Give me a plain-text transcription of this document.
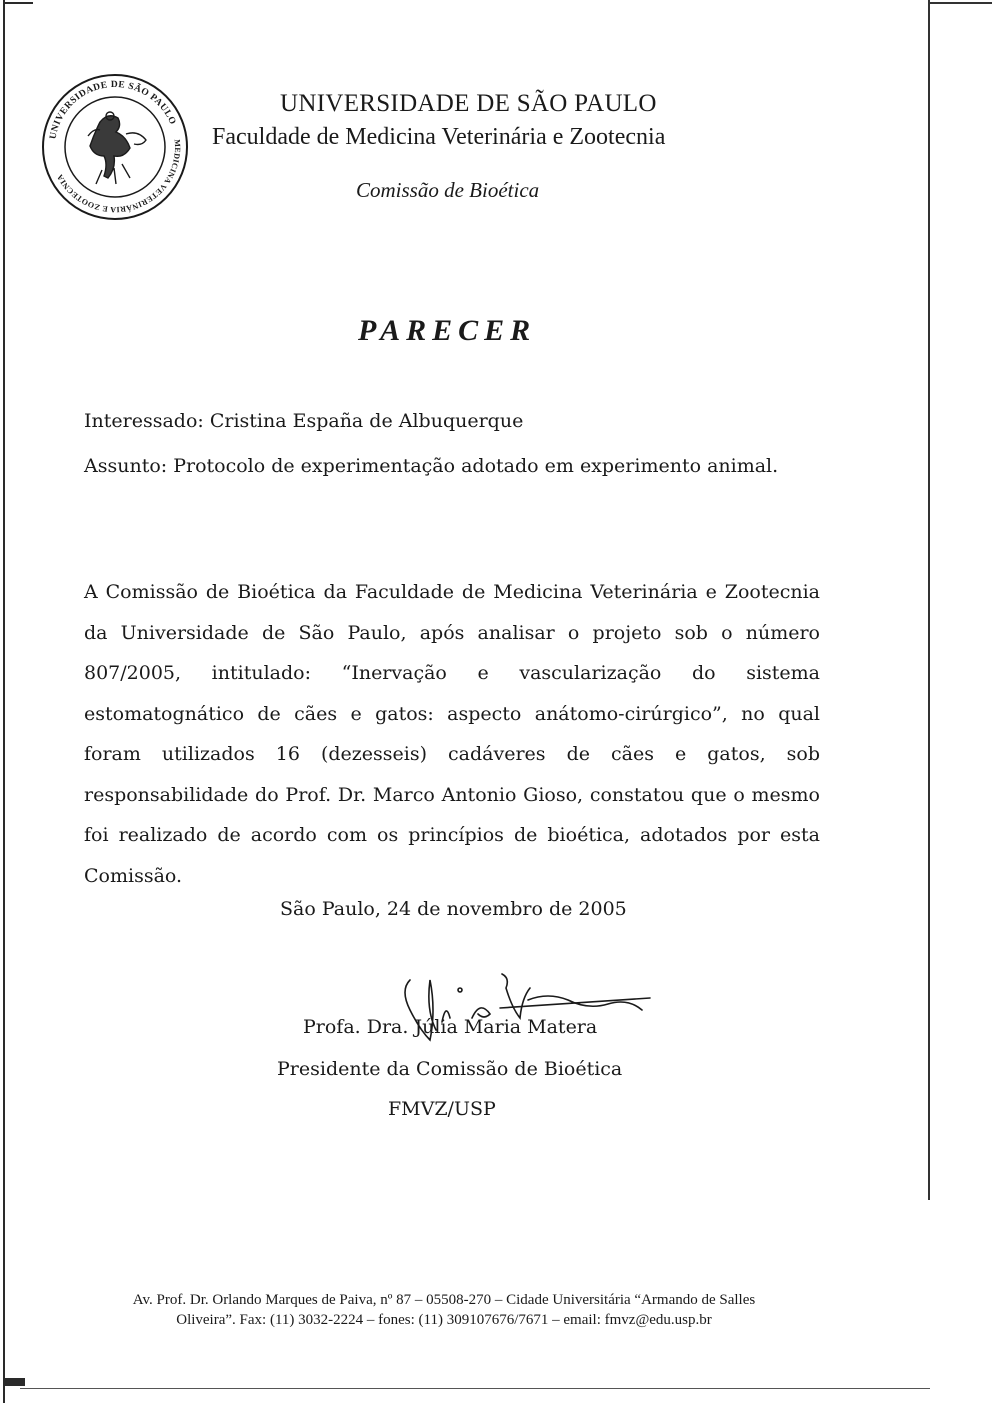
UNIVERSIDADE DE SÃO PAULO
MEDICINA VETERINÁRIA E ZOOTECNIA
UNIVERSIDADE DE SÃO PAULO
Faculdade de Medicina Veterinária e Zootecnia
Comissão de Bioética
PARECER
Interessado: Cristina España de Albuquerque
Assunto: Protocolo de experimentação adotado em experimento animal.
A Comissão de Bioética da Faculdade de Medicina Veterinária e Zootecnia da Universidade de São Paulo, após analisar o projeto sob o número 807/2005, intitulado: “Inervação e vascularização do sistema estomatognático de cães e gatos: aspecto anátomo-cirúrgico”, no qual foram utilizados 16 (dezesseis) cadáveres de cães e gatos, sob responsabilidade do Prof. Dr. Marco Antonio Gioso, constatou que o mesmo foi realizado de acordo com os princípios de bioética, adotados por esta Comissão.
São Paulo, 24 de novembro de 2005
Profa. Dra. Júlia Maria Matera
Presidente da Comissão de Bioética
FMVZ/USP
Av. Prof. Dr. Orlando Marques de Paiva, nº 87 – 05508-270 – Cidade Universitária “Armando de Salles
Oliveira”. Fax: (11) 3032-2224 – fones: (11) 309107676/7671 – email: fmvz@edu.usp.br
